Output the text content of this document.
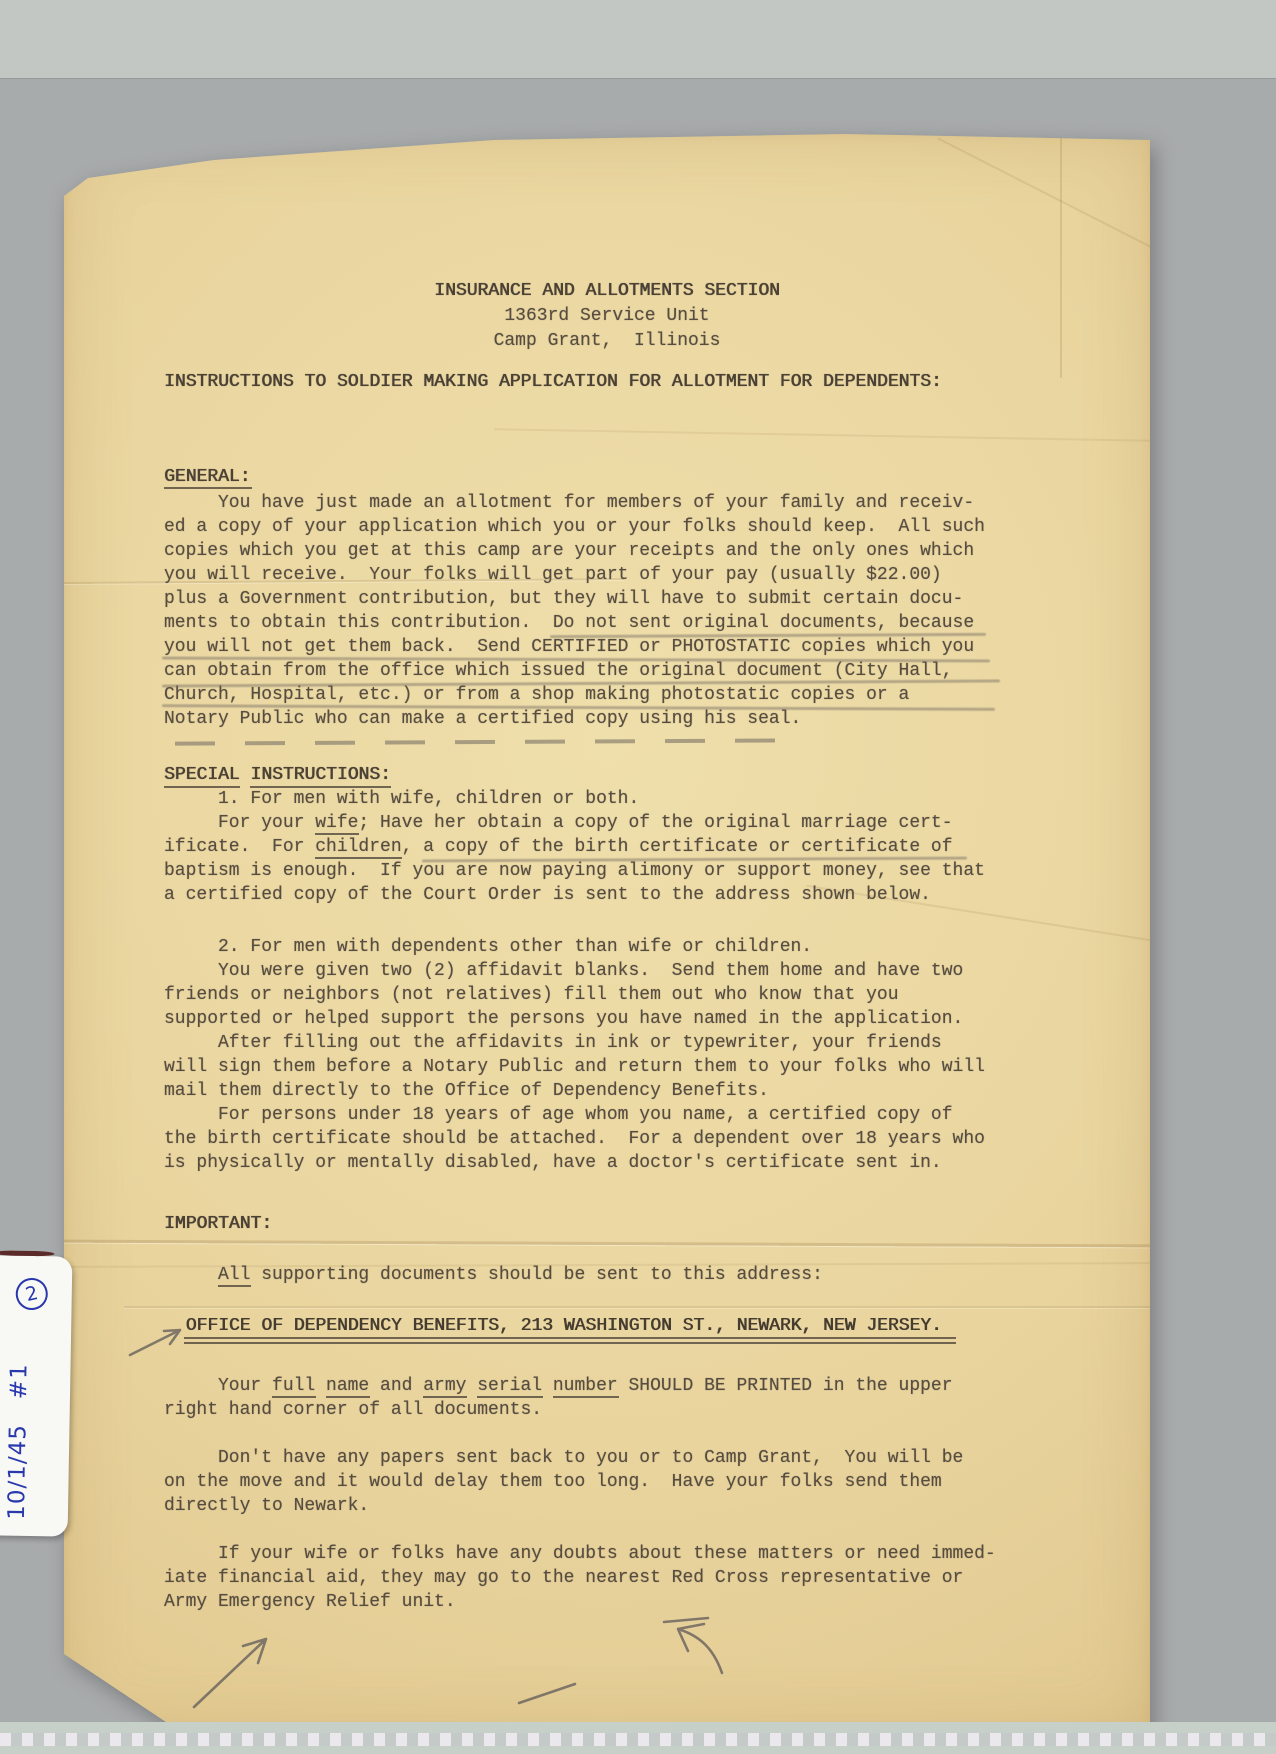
INSURANCE AND ALLOTMENTS SECTION
1363rd Service Unit
Camp Grant,  Illinois
INSTRUCTIONS TO SOLDIER MAKING APPLICATION FOR ALLOTMENT FOR DEPENDENTS:
GENERAL:
You have just made an allotment for members of your family and receiv-
ed a copy of your application which you or your folks should keep.  All such
copies which you get at this camp are your receipts and the only ones which
you will receive.  Your folks will get part of your pay (usually $22.00)
plus a Government contribution, but they will have to submit certain docu-
ments to obtain this contribution.  Do not sent original documents, because
you will not get them back.  Send CERTIFIED or PHOTOSTATIC copies which you
can obtain from the office which issued the original document (City Hall,
Church, Hospital, etc.) or from a shop making photostatic copies or a
Notary Public who can make a certified copy using his seal.
SPECIAL INSTRUCTIONS:
1. For men with wife, children or both.
For your wife; Have her obtain a copy of the original marriage cert-
ificate.  For children, a copy of the birth certificate or certificate of
baptism is enough.  If you are now paying alimony or support money, see that
a certified copy of the Court Order is sent to the address shown below.
2. For men with dependents other than wife or children.
You were given two (2) affidavit blanks.  Send them home and have two
friends or neighbors (not relatives) fill them out who know that you
supported or helped support the persons you have named in the application.
After filling out the affidavits in ink or typewriter, your friends
will sign them before a Notary Public and return them to your folks who will
mail them directly to the Office of Dependency Benefits.
For persons under 18 years of age whom you name, a certified copy of
the birth certificate should be attached.  For a dependent over 18 years who
is physically or mentally disabled, have a doctor's certificate sent in.
IMPORTANT:
All supporting documents should be sent to this address:
OFFICE OF DEPENDENCY BENEFITS, 213 WASHINGTON ST., NEWARK, NEW JERSEY.
Your full name and army serial number SHOULD BE PRINTED in the upper
right hand corner of all documents.
Don't have any papers sent back to you or to Camp Grant,  You will be
on the move and it would delay them too long.  Have your folks send them
directly to Newark.
If your wife or folks have any doubts about these matters or need immed-
iate financial aid, they may go to the nearest Red Cross representative or
Army Emergency Relief unit.
2
10/1/45   #1
